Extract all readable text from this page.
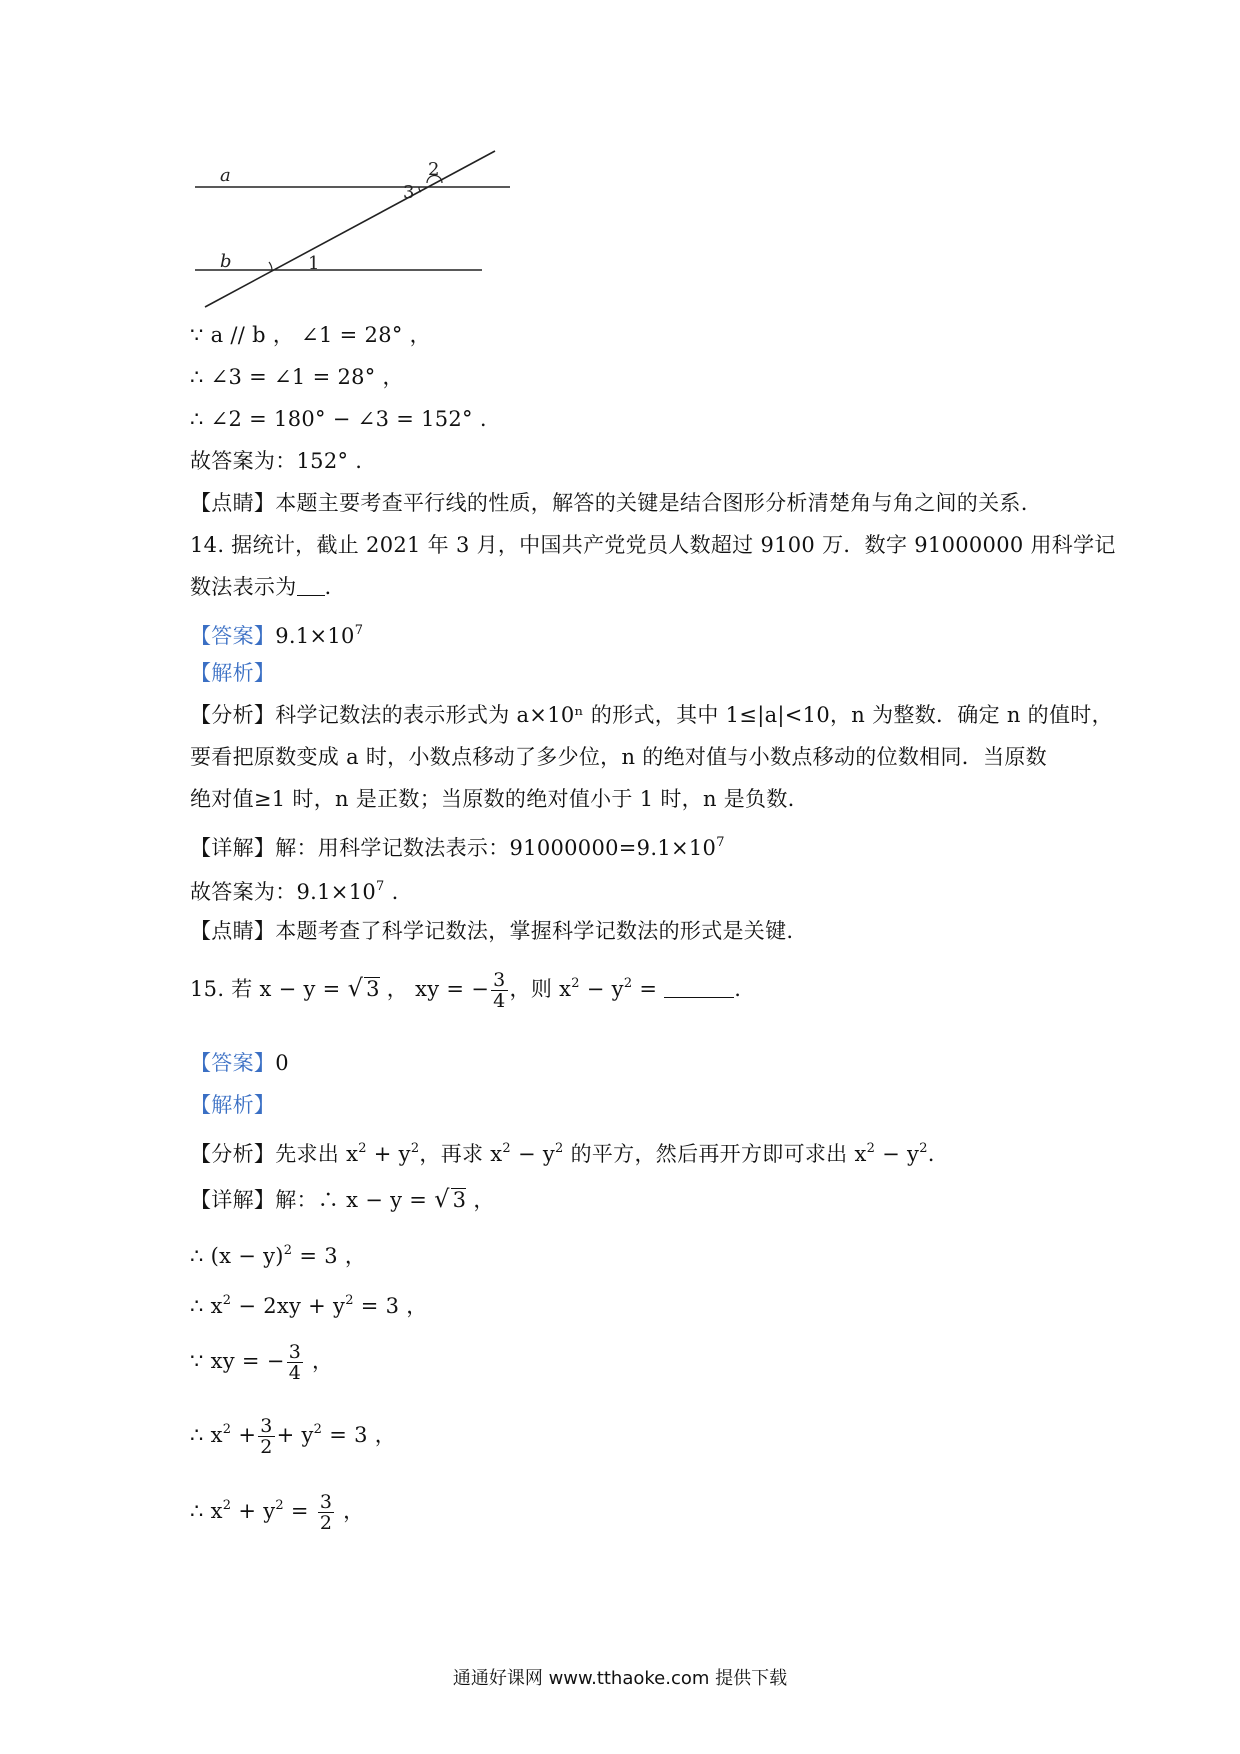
a
b	1
2
3
∵ a // b ， ∠1 = 28° ，
∴ ∠3 = ∠1 = 28° ，
∴ ∠2 = 180° − ∠3 = 152° .
故答案为：152° .
【点睛】本题主要考查平行线的性质，解答的关键是结合图形分析清楚角与角之间的关系.
14. 据统计，截止 2021 年 3 月，中国共产党党员人数超过 9100 万．数字 91000000 用科学记
数法表示为 .
【答案】$9.1\times 10^7$
【解析】
【分析】科学记数法的表示形式为 a×10ⁿ 的形式，其中 1≤|a|<10，n 为整数．确定 n 的值时，
要看把原数变成 a 时，小数点移动了多少位，n 的绝对值与小数点移动的位数相同．当原数
绝对值≥1 时，n 是正数；当原数的绝对值小于 1 时，n 是负数.
【详解】解：用科学记数法表示：$91000000=9.1\times 10^7$
故答案为：$9.1\times 10^7$ .
【点睛】本题考查了科学记数法，掌握科学记数法的形式是关键.
15. 若 x − y = √ 3 ， xy = − $\frac{3}{4}$ ，则 $x^2 - y^2$ =	.
【答案】0
【解析】
【分析】先求出 $x^2 + y^2$，再求 $x^2 - y^2$ 的平方，然后再开方即可求出 $x^2 - y^2$.
【详解】解：∴ x − y = √ 3 ，
∴ $(x - y)^2 = 3$ ，
∴ $x^2 - 2xy + y^2 = 3$ ，
∵ xy = − $\frac{3}{4}$ ，
∴ $x^2 + \frac{3}{2} + y^2 = 3$ ，
∴ $x^2 + y^2 = \frac{3}{2}$ ，
通通好课网 www.tthaoke.com 提供下载
